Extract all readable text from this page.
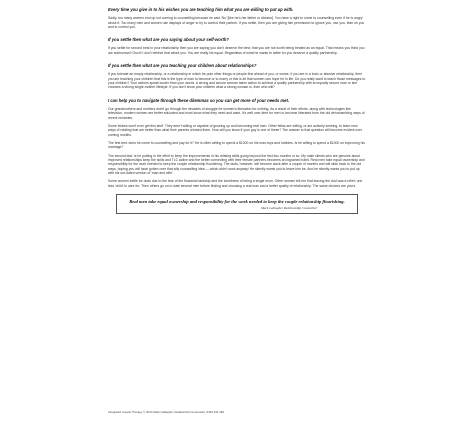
Every time you give in to his wishes you are teaching him what you are willing to put up with.

Sadly, too many women end up not coming to counselling because he said 'No' [like he's her father or dictator]. You have a right to come to counselling even if he is angry about it. Too many men and women use displays of anger to try to control their partner. If you settle, then you are giving him permission to ignore you, use you, lean on you and to control you.

If you settle then what are you saying about your self-worth?

If you settle for second best in your relationship then you are saying you don't deserve the best; that you are not worth being treated as an equal. That means you think you are subhuman!! Ouch! I don't believe that about you. You are really his equal. Regardless of what he wants to settle for you deserve a quality partnership.

If you settle then what are you teaching your children about relationships?

If you tolerate an empty relationship, or a relationship in which he puts other things or people first ahead of you, or worse, if you are in a toxic or abusive relationship, then you are teaching your children that this is the type of man to become or to marry or this is all that women can hope for in life. Do you really want to teach those messages to your children? Your actions speak louder than your words. A strong and secure woman takes action to achieve a quality partnership with an equally secure man or she chooses a strong single-mother lifestyle. If you don't show your children what a strong woman is, then who will?

I can help you to navigate through these dilemmas so you can get more of your needs met.

Our grandmothers and mothers didn't go through the decades of struggle for women's liberation for nothing. As a result of their efforts, along with technologies like television, modern women are better educated and most know what they need and want. It's well over-time for men to become liberated from the old dehumanising ways of recent centuries.

Some blokes won't ever get this stuff. They aren't willing or capable of growing up and becoming real men. Other fellas are willing, or are actively seeking, to learn new ways of relating that are better than what their parents showed them. How will you know if your guy is one of these? The answer to that question will become evident over coming months.

The first test: does he come to counselling and pay for it? He is often willing to spend a $1000 on his man-toys and hobbies. Is he willing to spend a $1000 on improving his marriage?

The second test: is he putting in the effort to keep the improvements in his relating skills going beyond the first two months or so. My male clients who are genuine about improved relationships keep the skills and TLC active and the better connecting with their female partners becomes an ingrained habit. Real men take equal ownership and responsibility for the work needed to keep the couple relationship flourishing. The duds, however, will become slack after a couple of months and will slide back to the old ways, hoping you will have gotten over that silly counselling idea — which didn't work anyway! He silently wants you to leave him be. And he silently wants you to put up with his out-dated version of 'man and wife'.

Some women settle for duds due to the fear of the financial hardship and the loneliness of being a single mum. Other women tell me that leaving the dud was a relief; one less 'child' to care for. Then others go on to date several men before finding and choosing a real man and a better quality of relationship. The same choices are yours.

Real men take equal ownership and responsibility for the work needed to keep the couple relationship flourishing.

Mark Gallagher Relationship Counsellor
Integrated Couple Therapy © 2014 Mark Gallagher, Relationship Counsellor, 0434 611 494
